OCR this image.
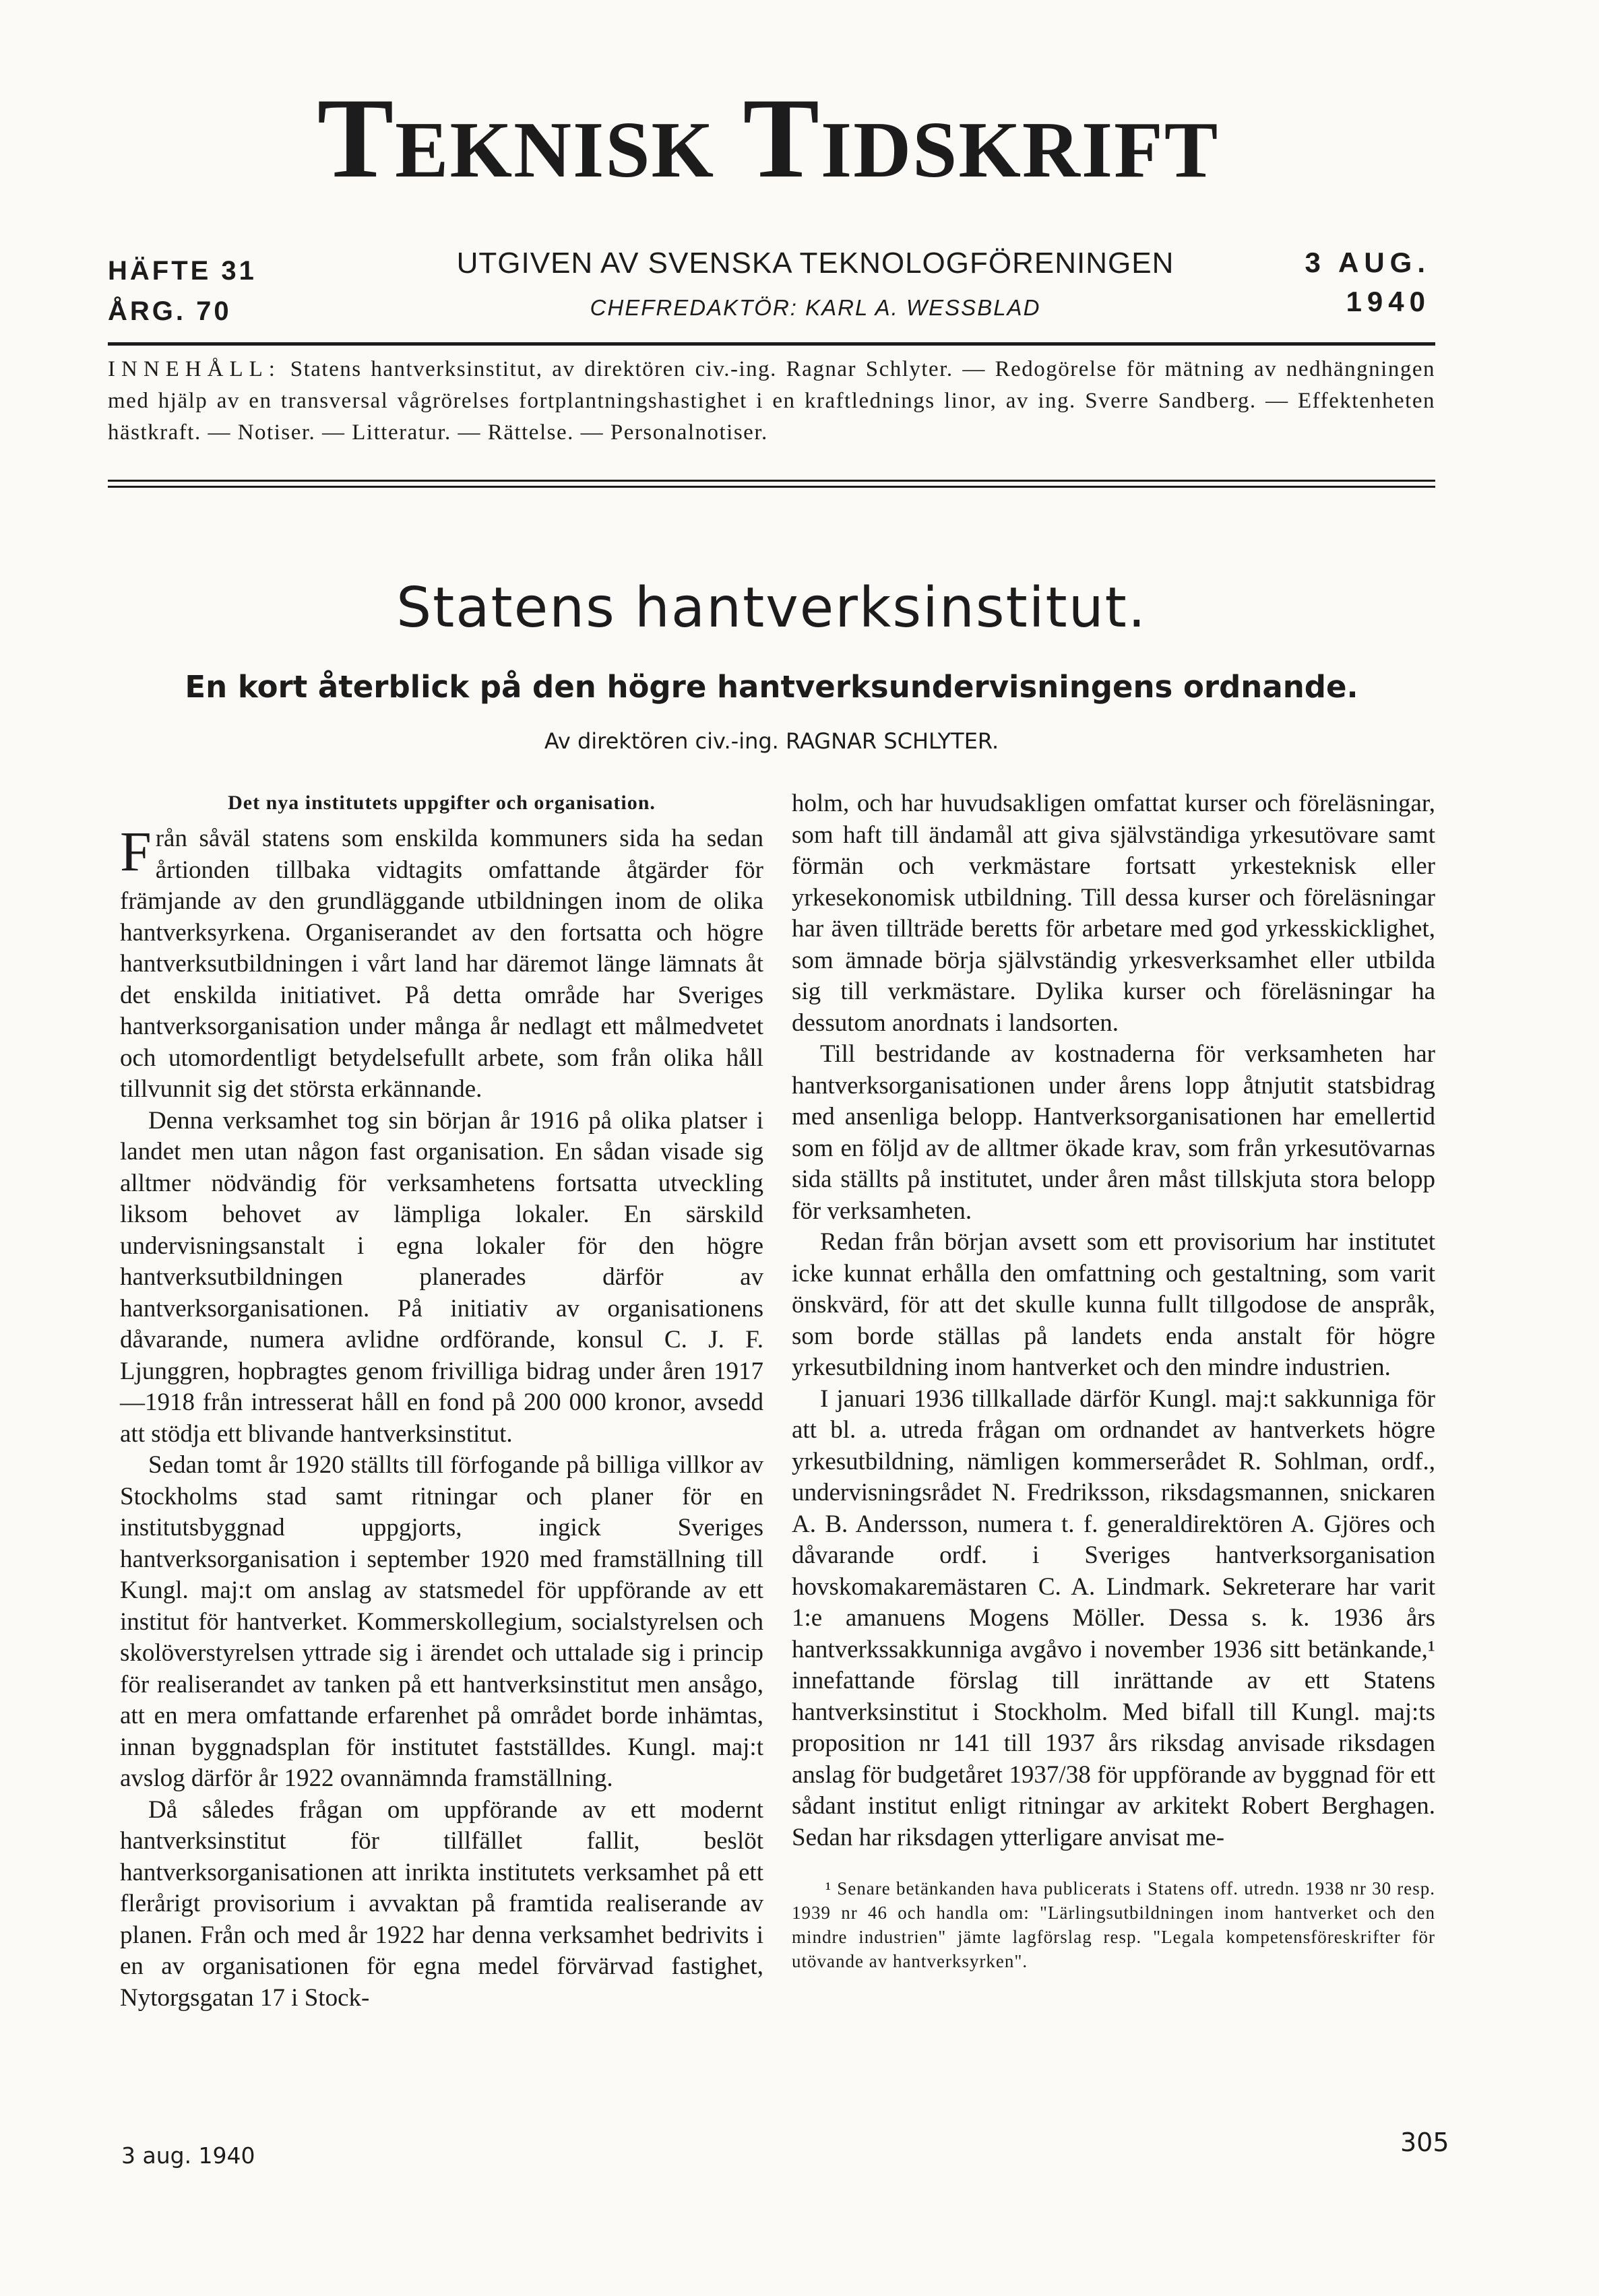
Teknisk Tidskrift
HÄFTE 31
ÅRG. 70
UTGIVEN AV SVENSKA TEKNOLOGFÖRENINGEN
CHEFREDAKTÖR: KARL A. WESSBLAD
3 AUG.
1940
INNEHÅLL: Statens hantverksinstitut, av direktören civ.-ing. Ragnar Schlyter. — Redogörelse för mätning av nedhängningen med hjälp av en transversal vågrörelses fortplantningshastighet i en kraftlednings linor, av ing. Sverre Sandberg. — Effektenheten hästkraft. — Notiser. — Litteratur. — Rättelse. — Personalnotiser.
Statens hantverksinstitut.
En kort återblick på den högre hantverksundervisningens ordnande.
Av direktören civ.-ing. RAGNAR SCHLYTER.
Det nya institutets uppgifter och organisation.

Från såväl statens som enskilda kommuners sida ha sedan årtionden tillbaka vidtagits omfattande åtgärder för främjande av den grundläggande utbildningen inom de olika hantverksyrkena. Organiserandet av den fortsatta och högre hantverksutbildningen i vårt land har däremot länge lämnats åt det enskilda initiativet. På detta område har Sveriges hantverksorganisation under många år nedlagt ett målmedvetet och utomordentligt betydelsefullt arbete, som från olika håll tillvunnit sig det största erkännande.

Denna verksamhet tog sin början år 1916 på olika platser i landet men utan någon fast organisation. En sådan visade sig alltmer nödvändig för verksamhetens fortsatta utveckling liksom behovet av lämpliga lokaler. En särskild undervisningsanstalt i egna lokaler för den högre hantverksutbildningen planerades därför av hantverksorganisationen. På initiativ av organisationens dåvarande, numera avlidne ordförande, konsul C. J. F. Ljunggren, hopbragtes genom frivilliga bidrag under åren 1917—1918 från intresserat håll en fond på 200 000 kronor, avsedd att stödja ett blivande hantverksinstitut.

Sedan tomt år 1920 ställts till förfogande på billiga villkor av Stockholms stad samt ritningar och planer för en institutsbyggnad uppgjorts, ingick Sveriges hantverksorganisation i september 1920 med framställning till Kungl. maj:t om anslag av statsmedel för uppförande av ett institut för hantverket. Kommerskollegium, socialstyrelsen och skolöverstyrelsen yttrade sig i ärendet och uttalade sig i princip för realiserandet av tanken på ett hantverksinstitut men ansågo, att en mera omfattande erfarenhet på området borde inhämtas, innan byggnadsplan för institutet fastställdes. Kungl. maj:t avslog därför år 1922 ovannämnda framställning.

Då således frågan om uppförande av ett modernt hantverksinstitut för tillfället fallit, beslöt hantverksorganisationen att inrikta institutets verksamhet på ett flerårigt provisorium i avvaktan på framtida realiserande av planen. Från och med år 1922 har denna verksamhet bedrivits i en av organisationen för egna medel förvärvad fastighet, Nytorgsgatan 17 i Stock-

holm, och har huvudsakligen omfattat kurser och föreläsningar, som haft till ändamål att giva självständiga yrkesutövare samt förmän och verkmästare fortsatt yrkesteknisk eller yrkesekonomisk utbildning. Till dessa kurser och föreläsningar har även tillträde beretts för arbetare med god yrkesskicklighet, som ämnade börja självständig yrkesverksamhet eller utbilda sig till verkmästare. Dylika kurser och föreläsningar ha dessutom anordnats i landsorten.

Till bestridande av kostnaderna för verksamheten har hantverksorganisationen under årens lopp åtnjutit statsbidrag med ansenliga belopp. Hantverksorganisationen har emellertid som en följd av de alltmer ökade krav, som från yrkesutövarnas sida ställts på institutet, under åren måst tillskjuta stora belopp för verksamheten.

Redan från början avsett som ett provisorium har institutet icke kunnat erhålla den omfattning och gestaltning, som varit önskvärd, för att det skulle kunna fullt tillgodose de anspråk, som borde ställas på landets enda anstalt för högre yrkesutbildning inom hantverket och den mindre industrien.

I januari 1936 tillkallade därför Kungl. maj:t sakkunniga för att bl. a. utreda frågan om ordnandet av hantverkets högre yrkesutbildning, nämligen kommerserådet R. Sohlman, ordf., undervisningsrådet N. Fredriksson, riksdagsmannen, snickaren A. B. Andersson, numera t. f. generaldirektören A. Gjöres och dåvarande ordf. i Sveriges hantverksorganisation hovskomakaremästaren C. A. Lindmark. Sekreterare har varit 1:e amanuens Mogens Möller. Dessa s. k. 1936 års hantverkssakkunniga avgåvo i november 1936 sitt betänkande,¹ innefattande förslag till inrättande av ett Statens hantverksinstitut i Stockholm. Med bifall till Kungl. maj:ts proposition nr 141 till 1937 års riksdag anvisade riksdagen anslag för budgetåret 1937/38 för uppförande av byggnad för ett sådant institut enligt ritningar av arkitekt Robert Berghagen. Sedan har riksdagen ytterligare anvisat me-

¹ Senare betänkanden hava publicerats i Statens off. utredn. 1938 nr 30 resp. 1939 nr 46 och handla om: "Lärlingsutbildningen inom hantverket och den mindre industrien" jämte lagförslag resp. "Legala kompetensföreskrifter för utövande av hantverksyrken".

3 aug. 1940	305
